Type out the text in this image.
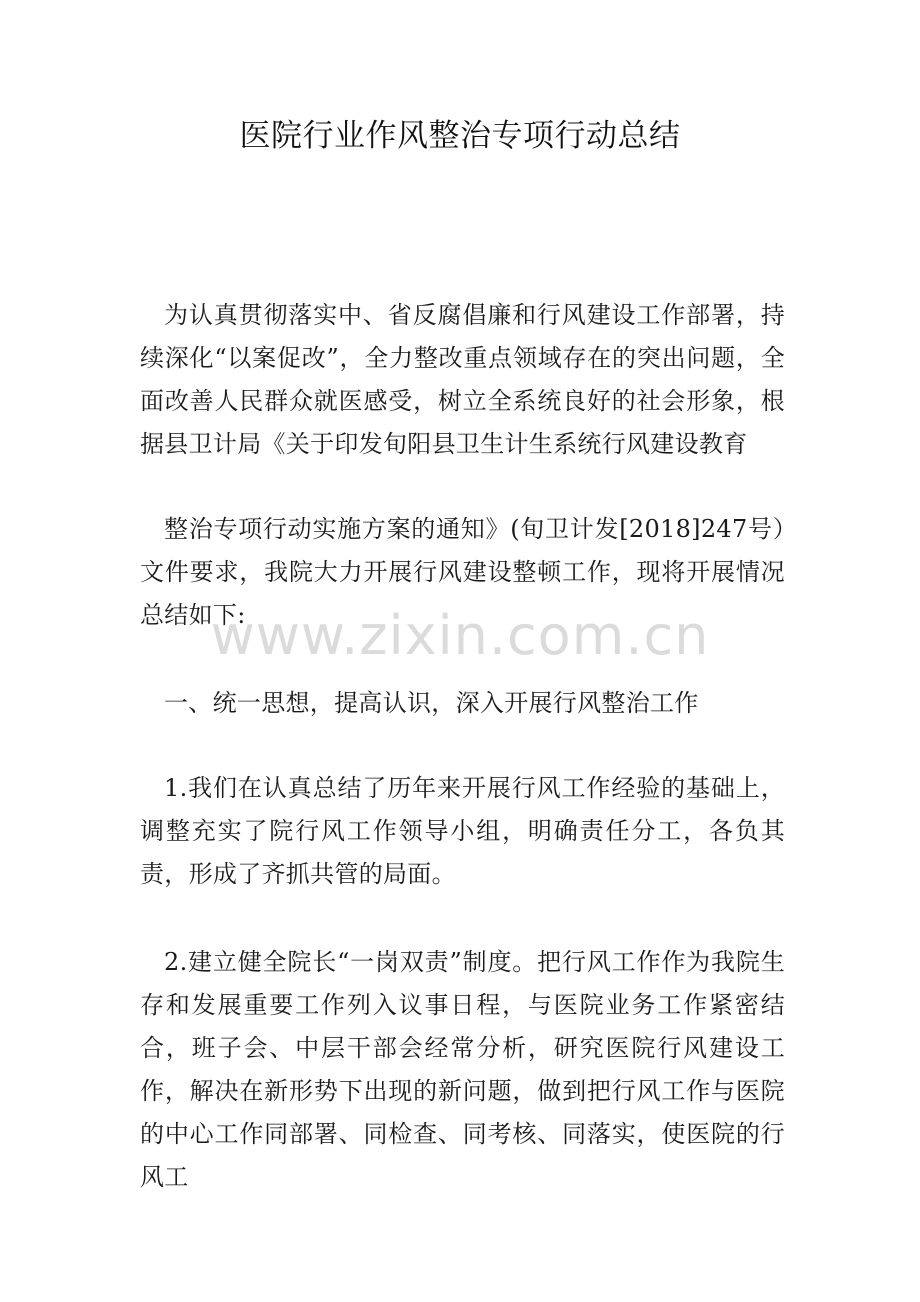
医院行业作风整治专项行动总结

为认真贯彻落实中、省反腐倡廉和行风建设工作部署，持续深化“以案促改”，全力整改重点领域存在的突出问题，全面改善人民群众就医感受，树立全系统良好的社会形象，根据县卫计局《关于印发旬阳县卫生计生系统行风建设教育

整治专项行动实施方案的通知》(旬卫计发[2018]247号）文件要求，我院大力开展行风建设整顿工作，现将开展情况总结如下:

一、统一思想，提高认识，深入开展行风整治工作

1.我们在认真总结了历年来开展行风工作经验的基础上，调整充实了院行风工作领导小组，明确责任分工，各负其责，形成了齐抓共管的局面。

2.建立健全院长“一岗双责”制度。把行风工作作为我院生存和发展重要工作列入议事日程，与医院业务工作紧密结合，班子会、中层干部会经常分析，研究医院行风建设工作，解决在新形势下出现的新问题，做到把行风工作与医院的中心工作同部署、同检查、同考核、同落实，使医院的行风工

www.zixin.com.cn
